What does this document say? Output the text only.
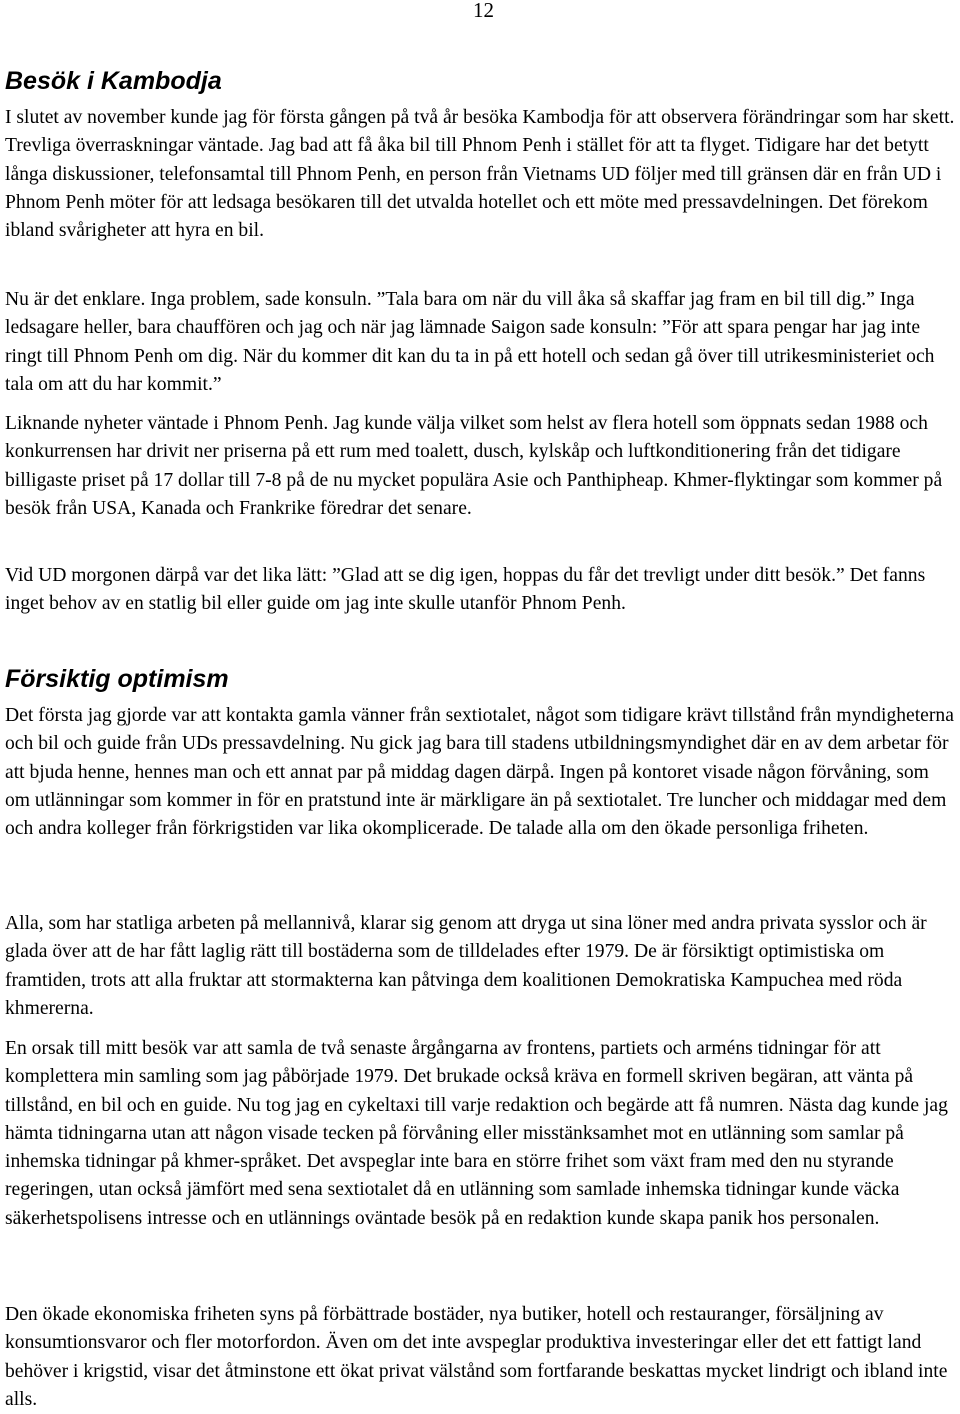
12
Besök i Kambodja

I slutet av november kunde jag för första gången på två år besöka Kambodja för att observera förändringar som har skett. Trevliga överraskningar väntade. Jag bad att få åka bil till Phnom Penh i stället för att ta flyget. Tidigare har det betytt långa diskussioner, telefonsamtal till Phnom Penh, en person från Vietnams UD följer med till gränsen där en från UD i Phnom Penh möter för att ledsaga besökaren till det utvalda hotellet och ett möte med pressavdelningen. Det förekom ibland svårigheter att hyra en bil.

Nu är det enklare. Inga problem, sade konsuln. ”Tala bara om när du vill åka så skaffar jag fram en bil till dig.” Inga ledsagare heller, bara chauffören och jag och när jag lämnade Saigon sade konsuln: ”För att spara pengar har jag inte ringt till Phnom Penh om dig. När du kommer dit kan du ta in på ett hotell och sedan gå över till utrikesministeriet och tala om att du har kommit.”

Liknande nyheter väntade i Phnom Penh. Jag kunde välja vilket som helst av flera hotell som öppnats sedan 1988 och konkurrensen har drivit ner priserna på ett rum med toalett, dusch, kylskåp och luftkonditionering från det tidigare billigaste priset på 17 dollar till 7-8 på de nu mycket populära Asie och Panthipheap. Khmer-flyktingar som kommer på besök från USA, Kanada och Frankrike föredrar det senare.

Vid UD morgonen därpå var det lika lätt: ”Glad att se dig igen, hoppas du får det trevligt under ditt besök.” Det fanns inget behov av en statlig bil eller guide om jag inte skulle utanför Phnom Penh.

Försiktig optimism

Det första jag gjorde var att kontakta gamla vänner från sextiotalet, något som tidigare krävt tillstånd från myndigheterna och bil och guide från UDs pressavdelning. Nu gick jag bara till stadens utbildningsmyndighet där en av dem arbetar för att bjuda henne, hennes man och ett annat par på middag dagen därpå. Ingen på kontoret visade någon förvåning, som om utlänningar som kommer in för en pratstund inte är märkligare än på sextiotalet. Tre luncher och middagar med dem och andra kolleger från förkrigstiden var lika okomplicerade. De talade alla om den ökade personliga friheten.

Alla, som har statliga arbeten på mellannivå, klarar sig genom att dryga ut sina löner med andra privata sysslor och är glada över att de har fått laglig rätt till bostäderna som de tilldelades efter 1979. De är försiktigt optimistiska om framtiden, trots att alla fruktar att stormakterna kan påtvinga dem koalitionen Demokratiska Kampuchea med röda khmererna.

En orsak till mitt besök var att samla de två senaste årgångarna av frontens, partiets och arméns tidningar för att komplettera min samling som jag påbörjade 1979. Det brukade också kräva en formell skriven begäran, att vänta på tillstånd, en bil och en guide. Nu tog jag en cykeltaxi till varje redaktion och begärde att få numren. Nästa dag kunde jag hämta tidningarna utan att någon visade tecken på förvåning eller misstänksamhet mot en utlänning som samlar på inhemska tidningar på khmer-språket. Det avspeglar inte bara en större frihet som växt fram med den nu styrande regeringen, utan också jämfört med sena sextiotalet då en utlänning som samlade inhemska tidningar kunde väcka säkerhetspolisens intresse och en utlännings oväntade besök på en redaktion kunde skapa panik hos personalen.

Den ökade ekonomiska friheten syns på förbättrade bostäder, nya butiker, hotell och restauranger, försäljning av konsumtionsvaror och fler motorfordon. Även om det inte avspeglar produktiva investeringar eller det ett fattigt land behöver i krigstid, visar det åtminstone ett ökat privat välstånd som fortfarande beskattas mycket lindrigt och ibland inte alls.
